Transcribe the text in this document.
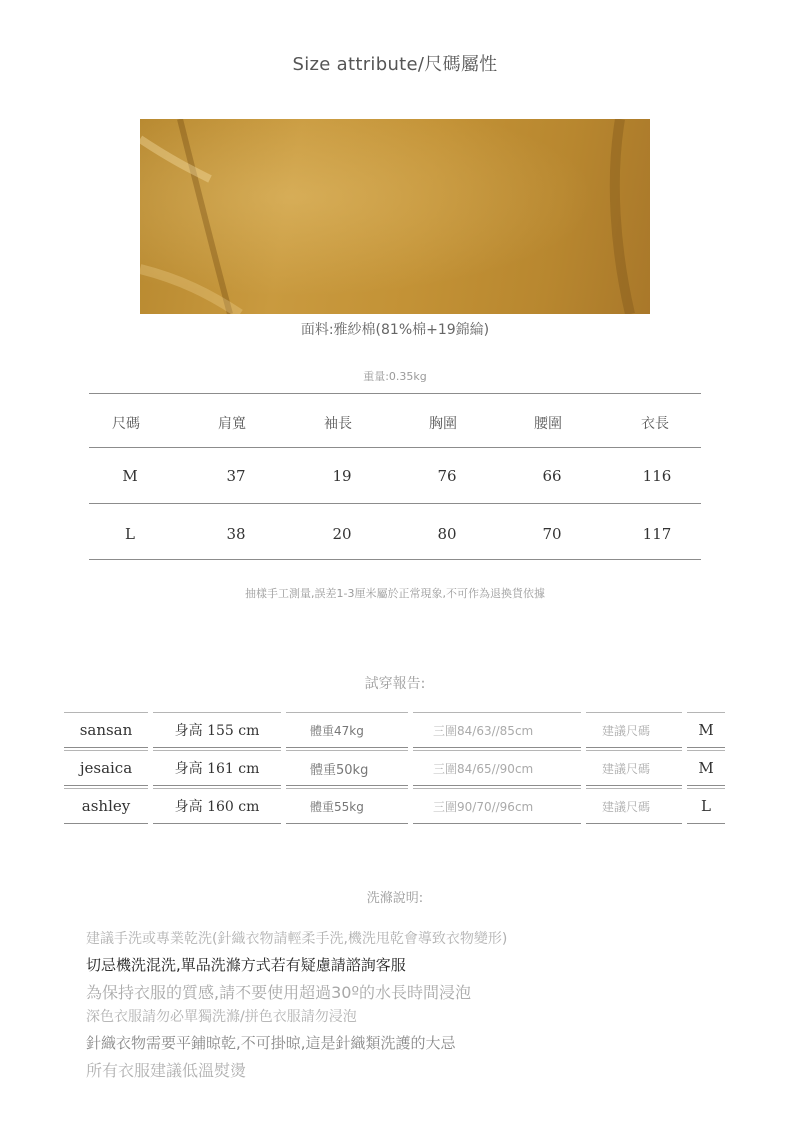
Size attribute/尺碼屬性
面料:雅紗棉(81%棉+19錦綸)
重量:0.35kg
尺碼	肩寬	袖長	胸圍	腰圍	衣長
M	37	19	76	66	116
L	38	20	80	70	117
抽樣手工測量,誤差1-3厘米屬於正常現象,不可作為退換貨依據
試穿報告:
sansan	身高 155 cm	體重47kg	三圍84/63//85cm	建議尺碼	M
jesaica	身高 161 cm	體重50kg	三圍84/65//90cm	建議尺碼	M
ashley	身高 160 cm	體重55kg	三圍90/70//96cm	建議尺碼	L
洗滌說明:
建議手洗或專業乾洗(針織衣物請輕柔手洗,機洗甩乾會導致衣物變形)
切忌機洗混洗,單品洗滌方式若有疑慮請諮詢客服
為保持衣服的質感,請不要使用超過30º的水長時間浸泡
深色衣服請勿必單獨洗滌/拼色衣服請勿浸泡
針織衣物需要平鋪晾乾,不可掛晾,這是針織類洗護的大忌
所有衣服建議低溫熨燙
